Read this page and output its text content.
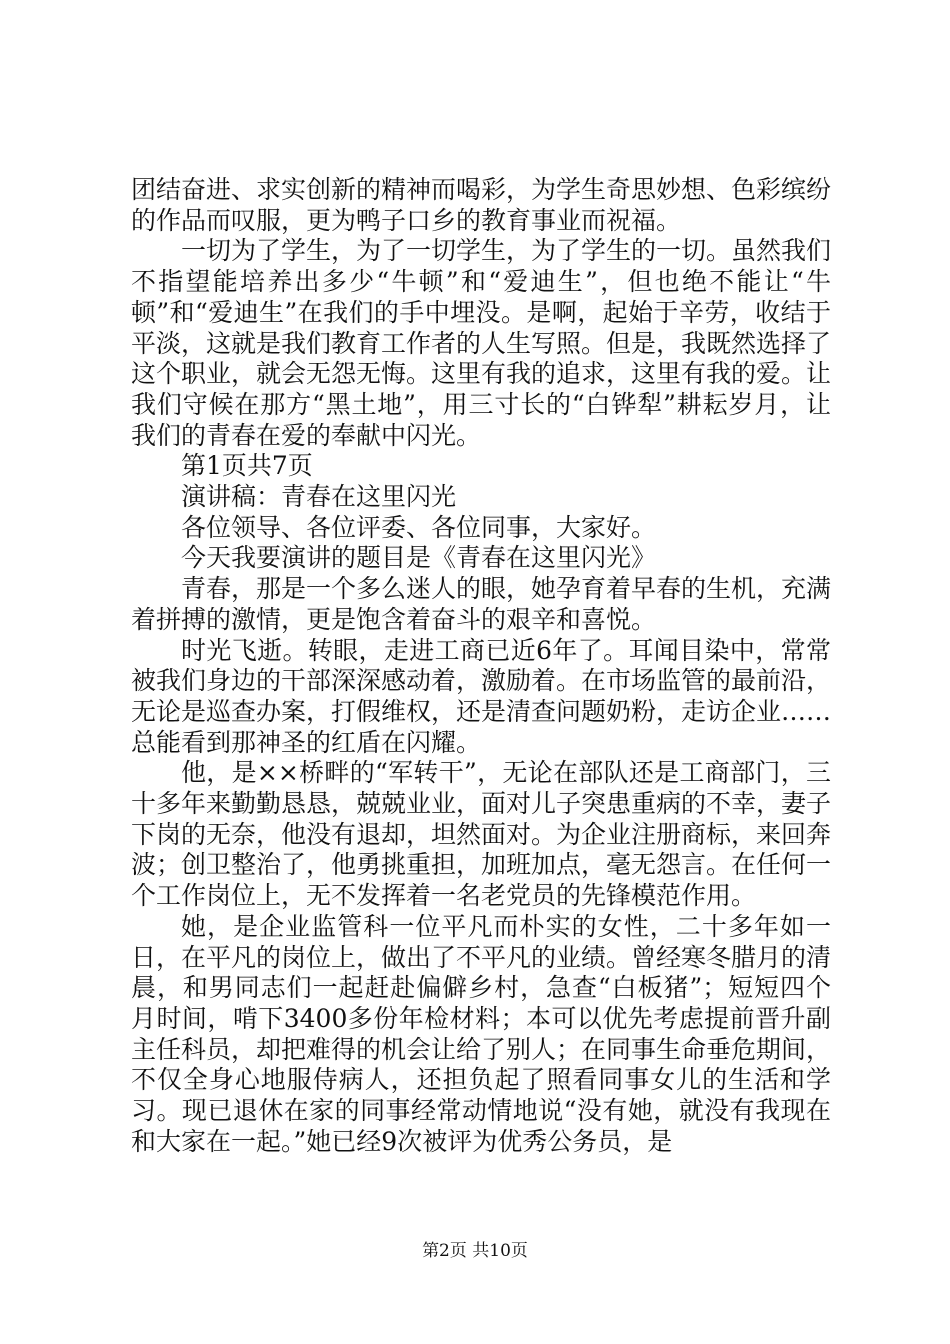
团结奋进、求实创新的精神而喝彩，为学生奇思妙想、色彩缤纷的作品而叹服，更为鸭子口乡的教育事业而祝福。

一切为了学生，为了一切学生，为了学生的一切。虽然我们不指望能培养出多少“牛顿”和“爱迪生”，但也绝不能让“牛顿”和“爱迪生”在我们的手中埋没。是啊，起始于辛劳，收结于平淡，这就是我们教育工作者的人生写照。但是，我既然选择了这个职业，就会无怨无悔。这里有我的追求，这里有我的爱。让我们守候在那方“黑土地”，用三寸长的“白铧犁”耕耘岁月，让我们的青春在爱的奉献中闪光。

第1页共7页

演讲稿：青春在这里闪光

各位领导、各位评委、各位同事，大家好。

今天我要演讲的题目是《青春在这里闪光》

青春，那是一个多么迷人的眼，她孕育着早春的生机，充满着拼搏的激情，更是饱含着奋斗的艰辛和喜悦。

时光飞逝。转眼，走进工商已近6年了。耳闻目染中，常常被我们身边的干部深深感动着，激励着。在市场监管的最前沿，无论是巡查办案，打假维权，还是清查问题奶粉，走访企业……总能看到那神圣的红盾在闪耀。

他，是××桥畔的“军转干”，无论在部队还是工商部门，三十多年来勤勤恳恳，兢兢业业，面对儿子突患重病的不幸，妻子下岗的无奈，他没有退却，坦然面对。为企业注册商标，来回奔波；创卫整治了，他勇挑重担，加班加点，毫无怨言。在任何一个工作岗位上，无不发挥着一名老党员的先锋模范作用。

她，是企业监管科一位平凡而朴实的女性，二十多年如一日，在平凡的岗位上，做出了不平凡的业绩。曾经寒冬腊月的清晨，和男同志们一起赶赴偏僻乡村，急查“白板猪”；短短四个月时间，啃下3400多份年检材料；本可以优先考虑提前晋升副主任科员，却把难得的机会让给了别人；在同事生命垂危期间，不仅全身心地服侍病人，还担负起了照看同事女儿的生活和学习。现已退休在家的同事经常动情地说“没有她，就没有我现在和大家在一起。”她已经9次被评为优秀公务员，是

第2页 共10页
